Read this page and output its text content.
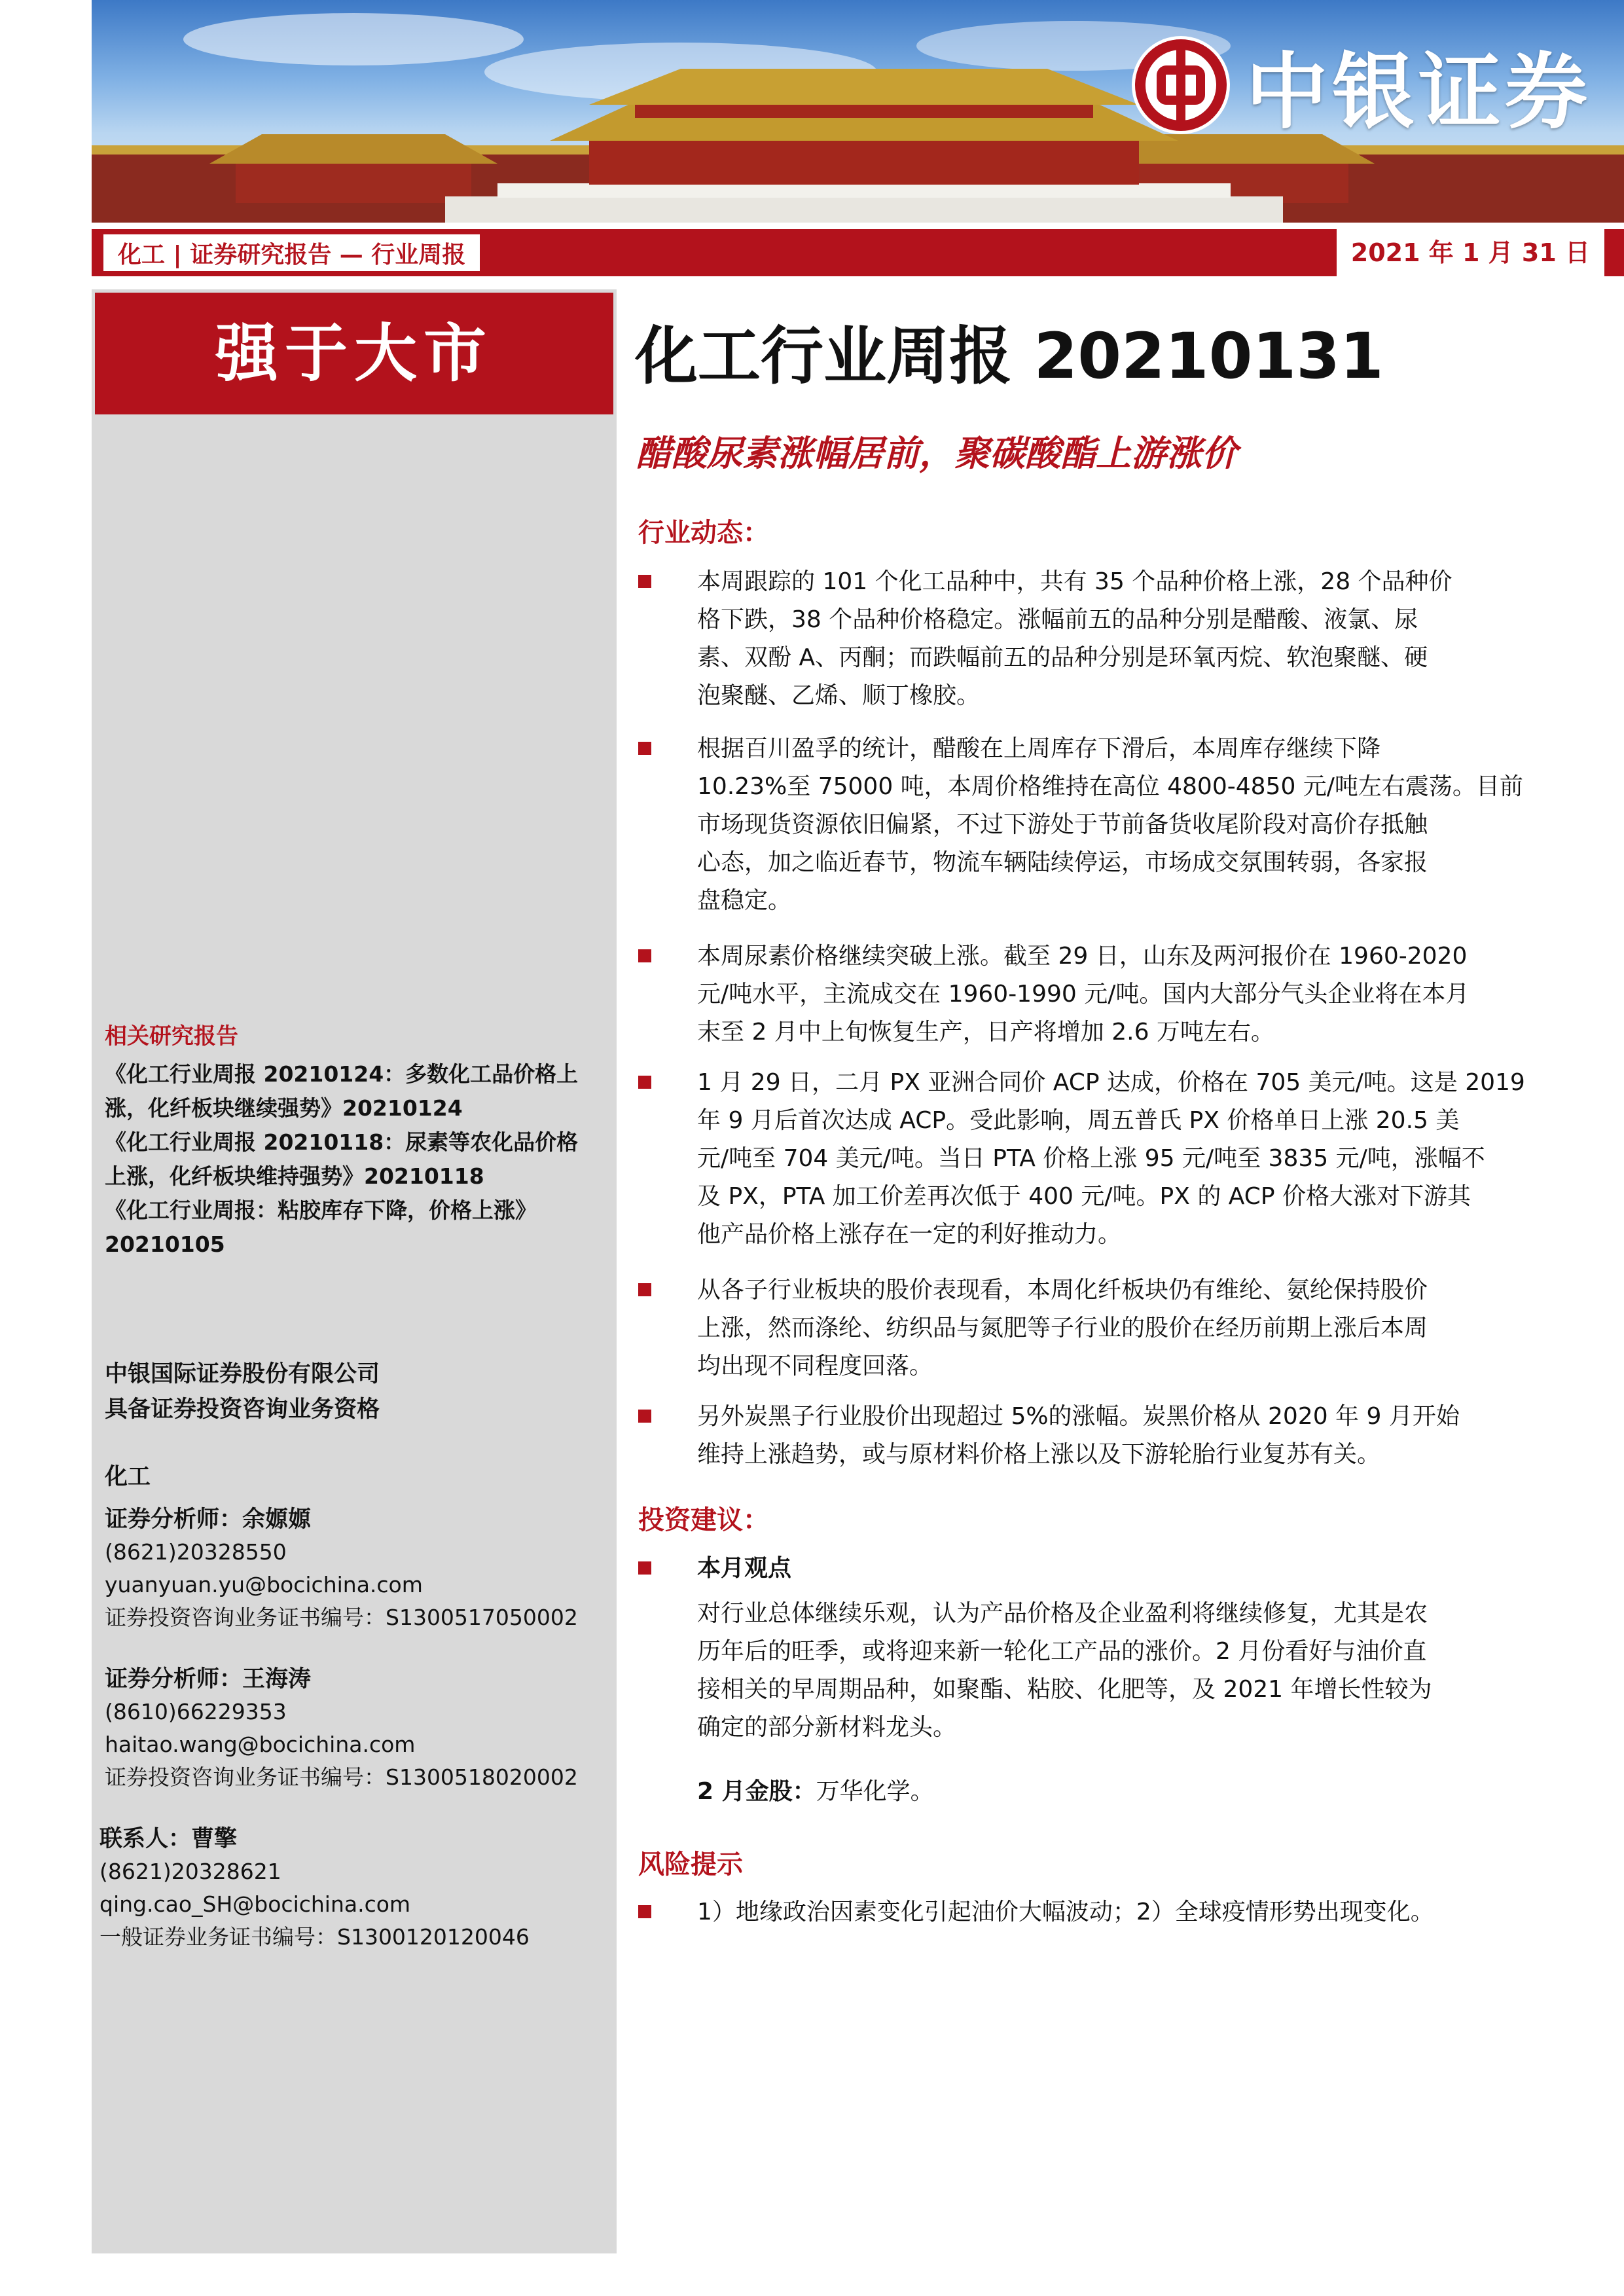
中银证券
化工 | 证券研究报告 — 行业周报	2021 年 1 月 31 日
强于大市
相关研究报告
《化工行业周报 20210124：多数化工品价格上
涨，化纤板块继续强势》20210124
《化工行业周报 20210118：尿素等农化品价格
上涨，化纤板块维持强势》20210118
《化工行业周报：粘胶库存下降，价格上涨》
20210105
中银国际证券股份有限公司
具备证券投资咨询业务资格
化工
证券分析师：余嫄嫄
(8621)20328550
yuanyuan.yu@bocichina.com
证券投资咨询业务证书编号：S1300517050002
证券分析师：王海涛
(8610)66229353
haitao.wang@bocichina.com
证券投资咨询业务证书编号：S1300518020002
联系人：曹擎
(8621)20328621
qing.cao_SH@bocichina.com
一般证券业务证书编号：S1300120120046
化工行业周报 20210131
醋酸尿素涨幅居前，聚碳酸酯上游涨价
行业动态：
本周跟踪的 101 个化工品种中，共有 35 个品种价格上涨，28 个品种价
格下跌，38 个品种价格稳定。涨幅前五的品种分别是醋酸、液氯、尿
素、双酚 A、丙酮；而跌幅前五的品种分别是环氧丙烷、软泡聚醚、硬
泡聚醚、乙烯、顺丁橡胶。
根据百川盈孚的统计，醋酸在上周库存下滑后，本周库存继续下降
10.23%至 75000 吨，本周价格维持在高位 4800-4850 元/吨左右震荡。目前
市场现货资源依旧偏紧，不过下游处于节前备货收尾阶段对高价存抵触
心态，加之临近春节，物流车辆陆续停运，市场成交氛围转弱，各家报
盘稳定。
本周尿素价格继续突破上涨。截至 29 日，山东及两河报价在 1960-2020
元/吨水平，主流成交在 1960-1990 元/吨。国内大部分气头企业将在本月
末至 2 月中上旬恢复生产，日产将增加 2.6 万吨左右。
1 月 29 日，二月 PX 亚洲合同价 ACP 达成，价格在 705 美元/吨。这是 2019
年 9 月后首次达成 ACP。受此影响，周五普氏 PX 价格单日上涨 20.5 美
元/吨至 704 美元/吨。当日 PTA 价格上涨 95 元/吨至 3835 元/吨，涨幅不
及 PX，PTA 加工价差再次低于 400 元/吨。PX 的 ACP 价格大涨对下游其
他产品价格上涨存在一定的利好推动力。
从各子行业板块的股价表现看，本周化纤板块仍有维纶、氨纶保持股价
上涨，然而涤纶、纺织品与氮肥等子行业的股价在经历前期上涨后本周
均出现不同程度回落。
另外炭黑子行业股价出现超过 5%的涨幅。炭黑价格从 2020 年 9 月开始
维持上涨趋势，或与原材料价格上涨以及下游轮胎行业复苏有关。
投资建议：
本月观点
对行业总体继续乐观，认为产品价格及企业盈利将继续修复，尤其是农
历年后的旺季，或将迎来新一轮化工产品的涨价。2 月份看好与油价直
接相关的早周期品种，如聚酯、粘胶、化肥等，及 2021 年增长性较为
确定的部分新材料龙头。
2 月金股：万华化学。
风险提示
1）地缘政治因素变化引起油价大幅波动；2）全球疫情形势出现变化。
